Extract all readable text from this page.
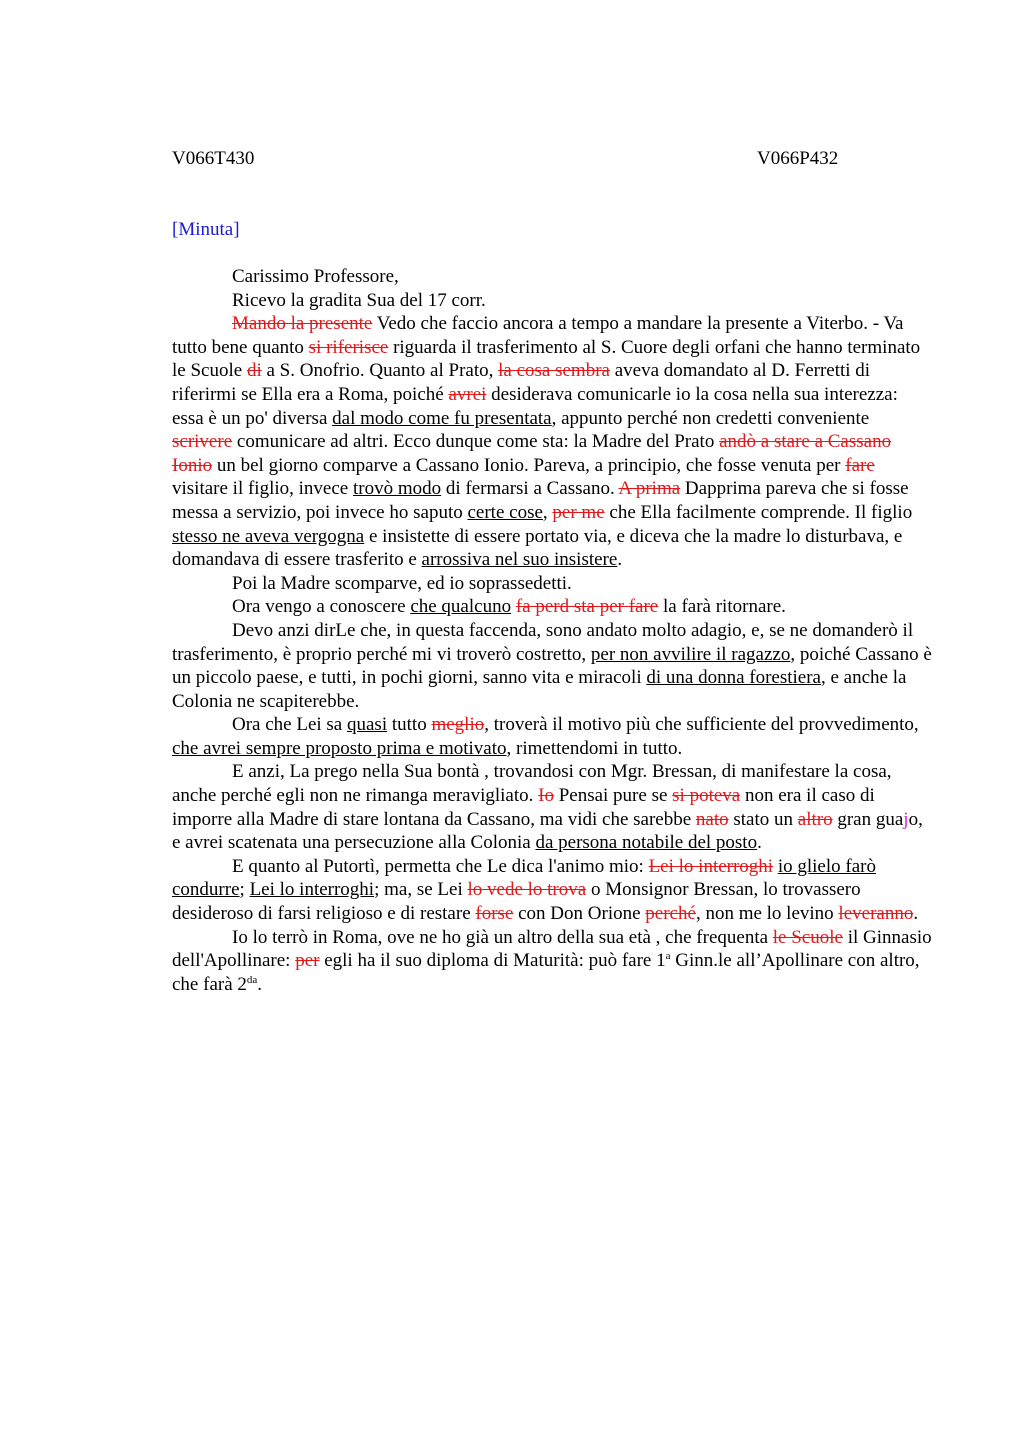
V066T430	V066P432
[Minuta]

Carissimo Professore,

Ricevo la gradita Sua del 17 corr.

Mando la presente Vedo che faccio ancora a tempo a mandare la presente a Viterbo. - Va tutto bene quanto si riferisce riguarda il trasferimento al S. Cuore degli orfani che hanno terminato le Scuole di a S. Onofrio. Quanto al Prato, la cosa sembra aveva domandato al D. Ferretti di riferirmi se Ella era a Roma, poiché avrei desiderava comunicarle io la cosa nella sua interezza: essa è un po' diversa dal modo come fu presentata, appunto perché non credetti conveniente scrivere comunicare ad altri. Ecco dunque come sta: la Madre del Prato andò a stare a Cassano Ionio un bel giorno comparve a Cassano Ionio. Pareva, a principio, che fosse venuta per fare visitare il figlio, invece trovò modo di fermarsi a Cassano. A prima Dapprima pareva che si fosse messa a servizio, poi invece ho saputo certe cose, per me che Ella facilmente comprende. Il figlio stesso ne aveva vergogna e insistette di essere portato via, e diceva che la madre lo disturbava, e domandava di essere trasferito e arrossiva nel suo insistere.

Poi la Madre scomparve, ed io soprassedetti.

Ora vengo a conoscere che qualcuno fa perd sta per fare la farà ritornare.

Devo anzi dirLe che, in questa faccenda, sono andato molto adagio, e, se ne domanderò il trasferimento, è proprio perché mi vi troverò costretto, per non avvilire il ragazzo, poiché Cassano è un piccolo paese, e tutti, in pochi giorni, sanno vita e miracoli di una donna forestiera, e anche la Colonia ne scapiterebbe.

Ora che Lei sa quasi tutto meglio, troverà il motivo più che sufficiente del provvedimento, che avrei sempre proposto prima e motivato, rimettendomi in tutto.

E anzi, La prego nella Sua bontà , trovandosi con Mgr. Bressan, di manifestare la cosa, anche perché egli non ne rimanga meravigliato. Io Pensai pure se si poteva non era il caso di imporre alla Madre di stare lontana da Cassano, ma vidi che sarebbe nato stato un altro gran guajo, e avrei scatenata una persecuzione alla Colonia da persona notabile del posto.

E quanto al Putortì, permetta che Le dica l'animo mio: Lei lo interroghi io glielo farò condurre; Lei lo interroghi; ma, se Lei lo vede lo trova o Monsignor Bressan, lo trovassero desideroso di farsi religioso e di restare forse con Don Orione perché, non me lo levino leveranno.

Io lo terrò in Roma, ove ne ho già un altro della sua età , che frequenta le Scuole il Ginnasio dell'Apollinare: per egli ha il suo diploma di Maturità: può fare 1$^a$ Ginn.le all’Apollinare con altro, che farà $2^{da}$.
